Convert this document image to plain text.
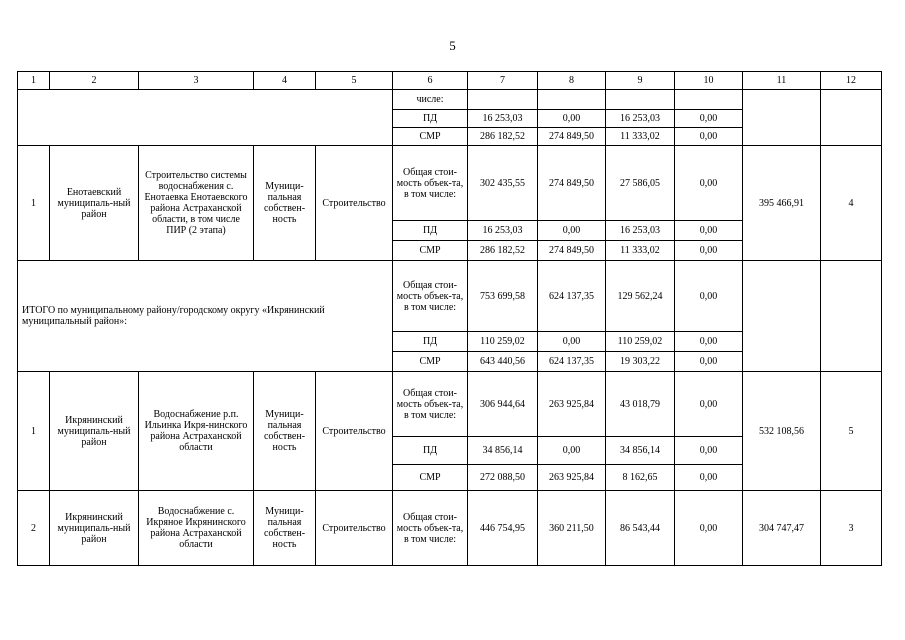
5
1	2	3	4	5	6	7	8	9	10	11	12
					числе:						
					ПД	16 253,03	0,00	16 253,03	0,00		
					СМР	286 182,52	274 849,50	11 333,02	0,00		
1	Енотаевский муниципаль-ный район	Строительство системы водоснабжения с. Енотаевка Енотаевского района Астраханской области, в том числе ПИР (2 этапа)	Муници-пальная собствен-ность	Строительство	Общая стои-мость объек-та, в том числе:	302 435,55	274 849,50	27 586,05	0,00	395 466,91	4
					ПД	16 253,03	0,00	16 253,03	0,00		
					СМР	286 182,52	274 849,50	11 333,02	0,00		
ИТОГО по муниципальному району/городскому округу «Икрянинский муниципальный район»:					Общая стои-мость объек-та, в том числе:	753 699,58	624 137,35	129 562,24	0,00		
					ПД	110 259,02	0,00	110 259,02	0,00		
					СМР	643 440,56	624 137,35	19 303,22	0,00		
1	Икрянинский муниципаль-ный район	Водоснабжение р.п. Ильинка Икря-нинского района Астраханской области	Муници-пальная собствен-ность	Строительство	Общая стои-мость объек-та, в том числе:	306 944,64	263 925,84	43 018,79	0,00	532 108,56	5
					ПД	34 856,14	0,00	34 856,14	0,00		
					СМР	272 088,50	263 925,84	8 162,65	0,00		
2	Икрянинский муниципаль-ный район	Водоснабжение с. Икряное Икрянинского района Астраханской области	Муници-пальная собствен-ность	Строительство	Общая стои-мость объек-та, в том числе:	446 754,95	360 211,50	86 543,44	0,00	304 747,47	3
